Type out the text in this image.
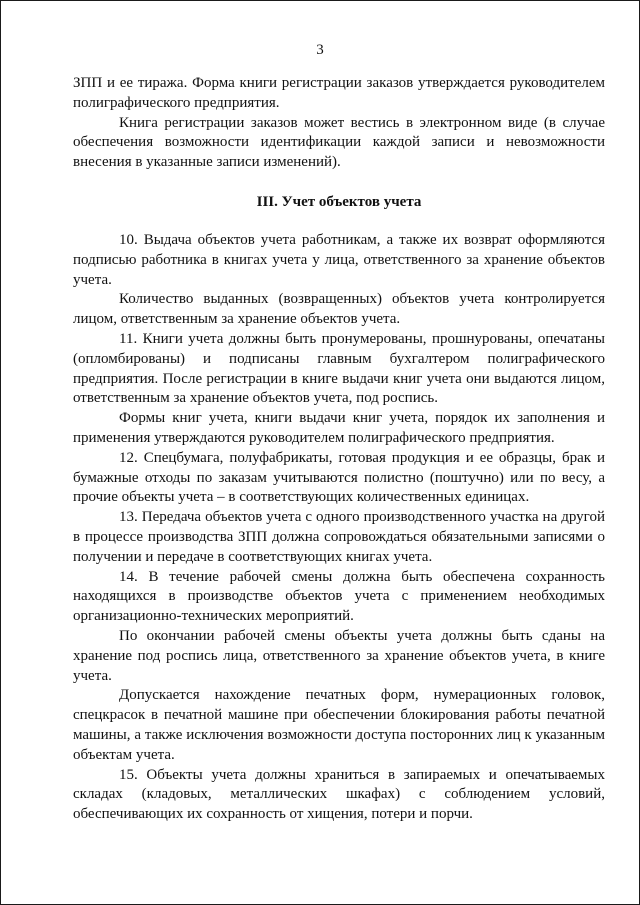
3

ЗПП и ее тиража. Форма книги регистрации заказов утверждается руководителем полиграфического предприятия.

Книга регистрации заказов может вестись в электронном виде (в случае обеспечения возможности идентификации каждой записи и невозможности внесения в указанные записи изменений).

III. Учет объектов учета

10. Выдача объектов учета работникам, а также их возврат оформляются подписью работника в книгах учета у лица, ответственного за хранение объектов учета.

Количество выданных (возвращенных) объектов учета контролируется лицом, ответственным за хранение объектов учета.

11. Книги учета должны быть пронумерованы, прошнурованы, опечатаны (опломбированы) и подписаны главным бухгалтером полиграфического предприятия. После регистрации в книге выдачи книг учета они выдаются лицом, ответственным за хранение объектов учета, под роспись.

Формы книг учета, книги выдачи книг учета, порядок их заполнения и применения утверждаются руководителем полиграфического предприятия.

12. Спецбумага, полуфабрикаты, готовая продукция и ее образцы, брак и бумажные отходы по заказам учитываются полистно (поштучно) или по весу, а прочие объекты учета – в соответствующих количественных единицах.

13. Передача объектов учета с одного производственного участка на другой в процессе производства ЗПП должна сопровождаться обязательными записями о получении и передаче в соответствующих книгах учета.

14. В течение рабочей смены должна быть обеспечена сохранность находящихся в производстве объектов учета с применением необходимых организационно-технических мероприятий.

По окончании рабочей смены объекты учета должны быть сданы на хранение под роспись лица, ответственного за хранение объектов учета, в книге учета.

Допускается нахождение печатных форм, нумерационных головок, спецкрасок в печатной машине при обеспечении блокирования работы печатной машины, а также исключения возможности доступа посторонних лиц к указанным объектам учета.

15. Объекты учета должны храниться в запираемых и опечатываемых складах (кладовых, металлических шкафах) с соблюдением условий, обеспечивающих их сохранность от хищения, потери и порчи.
